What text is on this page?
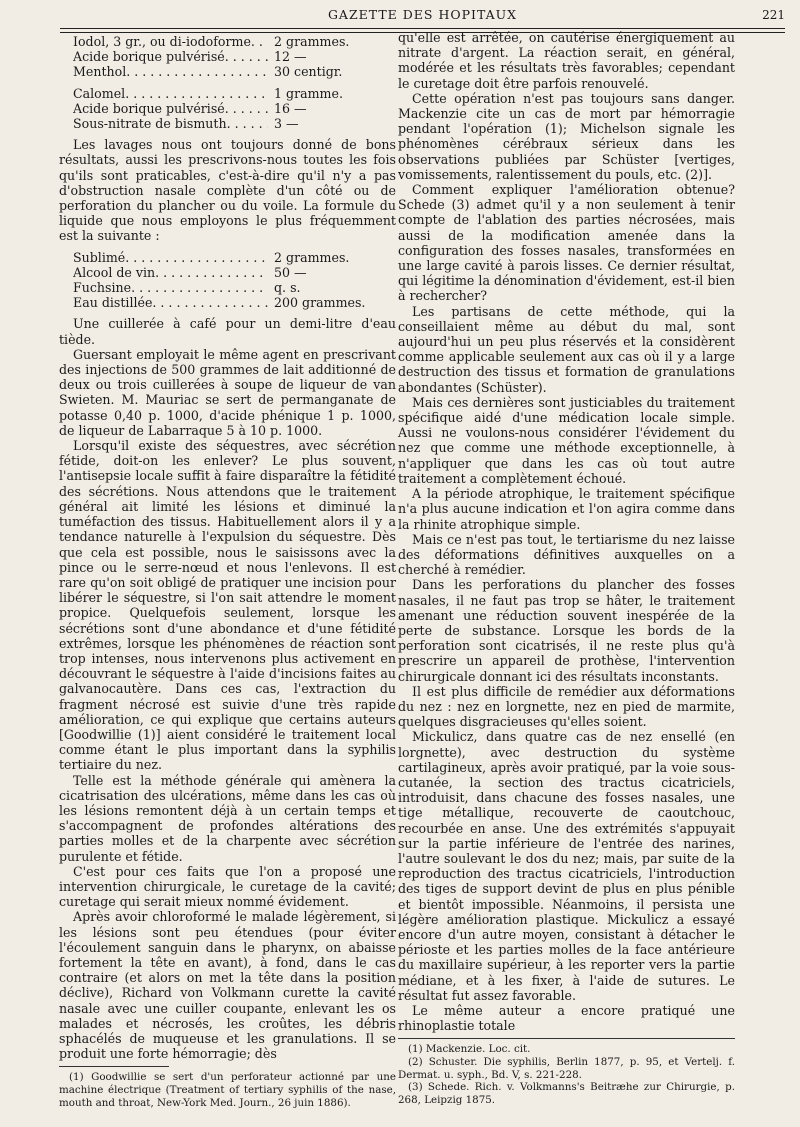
GAZETTE DES HOPITAUX	221
Iodol, 3 gr., ou di-iodoforme . . .	2 grammes.
Acide borique pulvérisé . . .	12 —
Menthol . . .	30 centigr.
Calomel . . .	1 gramme.
Acide borique pulvérisé . . .	16 —
Sous-nitrate de bismuth . . .	3 —

Les lavages nous ont toujours donné de bons résultats, aussi les prescrivons-nous toutes les fois qu'ils sont praticables, c'est-à-dire qu'il n'y a pas d'obstruction nasale complète d'un côté ou de perforation du plancher ou du voile. La formule du liquide que nous employons le plus fréquemment est la suivante :

Sublimé . . .	2 grammes.
Alcool de vin . . .	50 —
Fuchsine . . .	q. s.
Eau distillée . . .	200 grammes.

Une cuillerée à café pour un demi-litre d'eau tiède.

Guersant employait le même agent en prescrivant des injections de 500 grammes de lait additionné de deux ou trois cuillerées à soupe de liqueur de van Swieten. M. Mauriac se sert de permanganate de potasse 0,40 p. 1000, d'acide phénique 1 p. 1000, de liqueur de Labarraque 5 à 10 p. 1000.

Lorsqu'il existe des séquestres, avec sécrétion fétide, doit-on les enlever? Le plus souvent, l'antisepsie locale suffit à faire disparaître la fétidité des sécrétions. Nous attendons que le traitement général ait limité les lésions et diminué la tuméfaction des tissus. Habituellement alors il y a tendance naturelle à l'expulsion du séquestre. Dès que cela est possible, nous le saisissons avec la pince ou le serre-nœud et nous l'enlevons. Il est rare qu'on soit obligé de pratiquer une incision pour libérer le séquestre, si l'on sait attendre le moment propice. Quelquefois seulement, lorsque les sécrétions sont d'une abondance et d'une fétidité extrêmes, lorsque les phénomènes de réaction sont trop intenses, nous intervenons plus activement en découvrant le séquestre à l'aide d'incisions faites au galvanocautère. Dans ces cas, l'extraction du fragment nécrosé est suivie d'une très rapide amélioration, ce qui explique que certains auteurs [Goodwillie (1)] aient considéré le traitement local comme étant le plus important dans la syphilis tertiaire du nez.

Telle est la méthode générale qui amènera la cicatrisation des ulcérations, même dans les cas où les lésions remontent déjà à un certain temps et s'accompagnent de profondes altérations des parties molles et de la charpente avec sécrétion purulente et fétide.

C'est pour ces faits que l'on a proposé une intervention chirurgicale, le curetage de la cavité; curetage qui serait mieux nommé évidement.

Après avoir chloroformé le malade légèrement, si les lésions sont peu étendues (pour éviter l'écoulement sanguin dans le pharynx, on abaisse fortement la tête en avant), à fond, dans le cas contraire (et alors on met la tête dans la position déclive), Richard von Volkmann curette la cavité nasale avec une cuiller coupante, enlevant les os malades et nécrosés, les croûtes, les débris sphacélés de muqueuse et les granulations. Il se produit une forte hémorragie; dès

(1) Goodwillie se sert d'un perforateur actionné par une machine électrique (Treatment of tertiary syphilis of the nase, mouth and throat, New-York Med. Journ., 26 juin 1886).

qu'elle est arrêtée, on cautérise énergiquement au nitrate d'argent. La réaction serait, en général, modérée et les résultats très favorables; cependant le curetage doit être parfois renouvelé.

Cette opération n'est pas toujours sans danger. Mackenzie cite un cas de mort par hémorragie pendant l'opération (1); Michelson signale les phénomènes cérébraux sérieux dans les observations publiées par Schüster [vertiges, vomissements, ralentissement du pouls, etc. (2)].

Comment expliquer l'amélioration obtenue? Schede (3) admet qu'il y a non seulement à tenir compte de l'ablation des parties nécrosées, mais aussi de la modification amenée dans la configuration des fosses nasales, transformées en une large cavité à parois lisses. Ce dernier résultat, qui légitime la dénomination d'évidement, est-il bien à rechercher?

Les partisans de cette méthode, qui la conseillaient même au début du mal, sont aujourd'hui un peu plus réservés et la considèrent comme applicable seulement aux cas où il y a large destruction des tissus et formation de granulations abondantes (Schüster).

Mais ces dernières sont justiciables du traitement spécifique aidé d'une médication locale simple. Aussi ne voulons-nous considérer l'évidement du nez que comme une méthode exceptionnelle, à n'appliquer que dans les cas où tout autre traitement a complètement échoué.

A la période atrophique, le traitement spécifique n'a plus aucune indication et l'on agira comme dans la rhinite atrophique simple.

Mais ce n'est pas tout, le tertiarisme du nez laisse des déformations définitives auxquelles on a cherché à remédier.

Dans les perforations du plancher des fosses nasales, il ne faut pas trop se hâter, le traitement amenant une réduction souvent inespérée de la perte de substance. Lorsque les bords de la perforation sont cicatrisés, il ne reste plus qu'à prescrire un appareil de prothèse, l'intervention chirurgicale donnant ici des résultats inconstants.

Il est plus difficile de remédier aux déformations du nez : nez en lorgnette, nez en pied de marmite, quelques disgracieuses qu'elles soient.

Mickulicz, dans quatre cas de nez ensellé (en lorgnette), avec destruction du système cartilagineux, après avoir pratiqué, par la voie sous-cutanée, la section des tractus cicatriciels, introduisit, dans chacune des fosses nasales, une tige métallique, recouverte de caoutchouc, recourbée en anse. Une des extrémités s'appuyait sur la partie inférieure de l'entrée des narines, l'autre soulevant le dos du nez; mais, par suite de la reproduction des tractus cicatriciels, l'introduction des tiges de support devint de plus en plus pénible et bientôt impossible. Néanmoins, il persista une légère amélioration plastique. Mickulicz a essayé encore d'un autre moyen, consistant à détacher le périoste et les parties molles de la face antérieure du maxillaire supérieur, à les reporter vers la partie médiane, et à les fixer, à l'aide de sutures. Le résultat fut assez favorable.

Le même auteur a encore pratiqué une rhinoplastie totale

(1) Mackenzie. Loc. cit.

(2) Schuster. Die syphilis, Berlin 1877, p. 95, et Vertelj. f. Dermat. u. syph., Bd. V, s. 221-228.

(3) Schede. Rich. v. Volkmanns's Beitræhe zur Chirurgie, p. 268, Leipzig 1875.
